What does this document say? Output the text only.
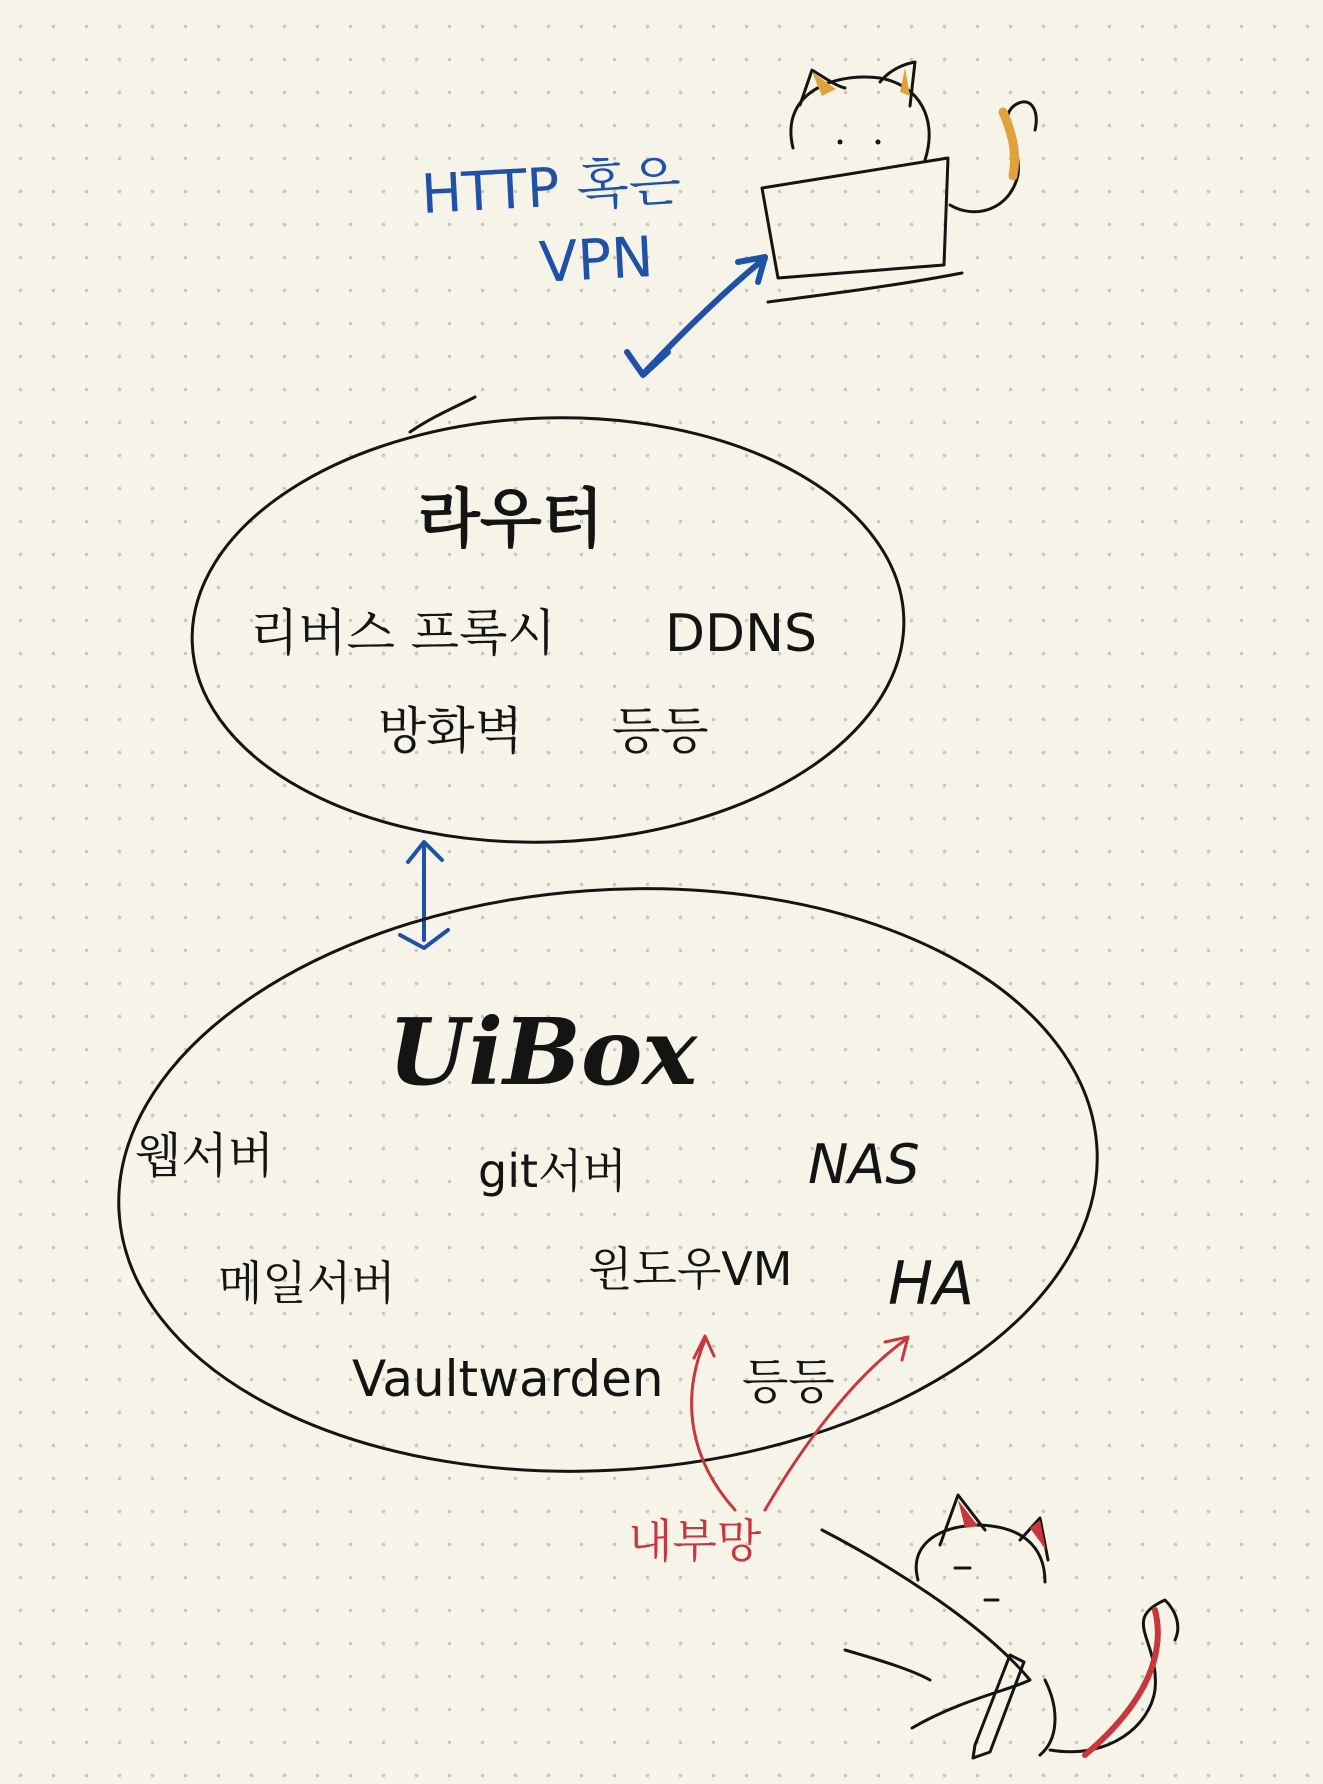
HTTP 혹은

VPN

라우터

리버스 프록시 DDNS

방화벽 등등

UiBox

웹서버	git서버	NAS

메일서버	윈도우VM HA

Vaultwarden 등등

내부망
